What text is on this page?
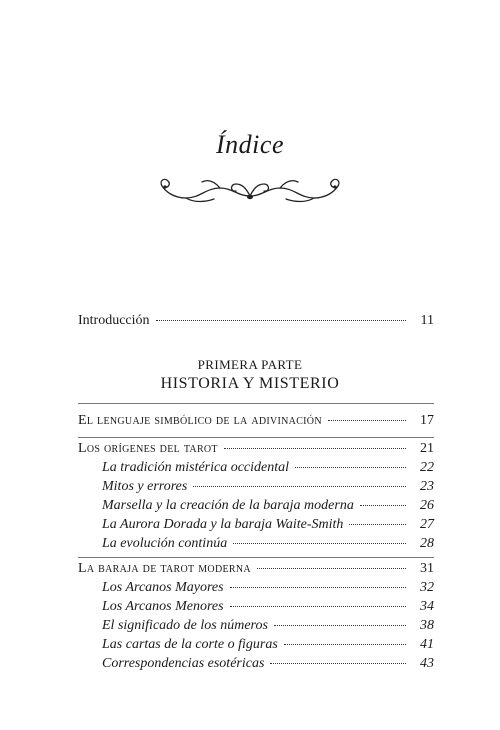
Índice
Introducción	11
PRIMERA PARTE
HISTORIA Y MISTERIO
El lenguaje simbólico de la adivinación	17
Los orígenes del tarot	21
La tradición mistérica occidental	22
Mitos y errores	23
Marsella y la creación de la baraja moderna	26
La Aurora Dorada y la baraja Waite-Smith	27
La evolución continúa	28
La baraja de tarot moderna	31
Los Arcanos Mayores	32
Los Arcanos Menores	34
El significado de los números	38
Las cartas de la corte o figuras	41
Correspondencias esotéricas	43
